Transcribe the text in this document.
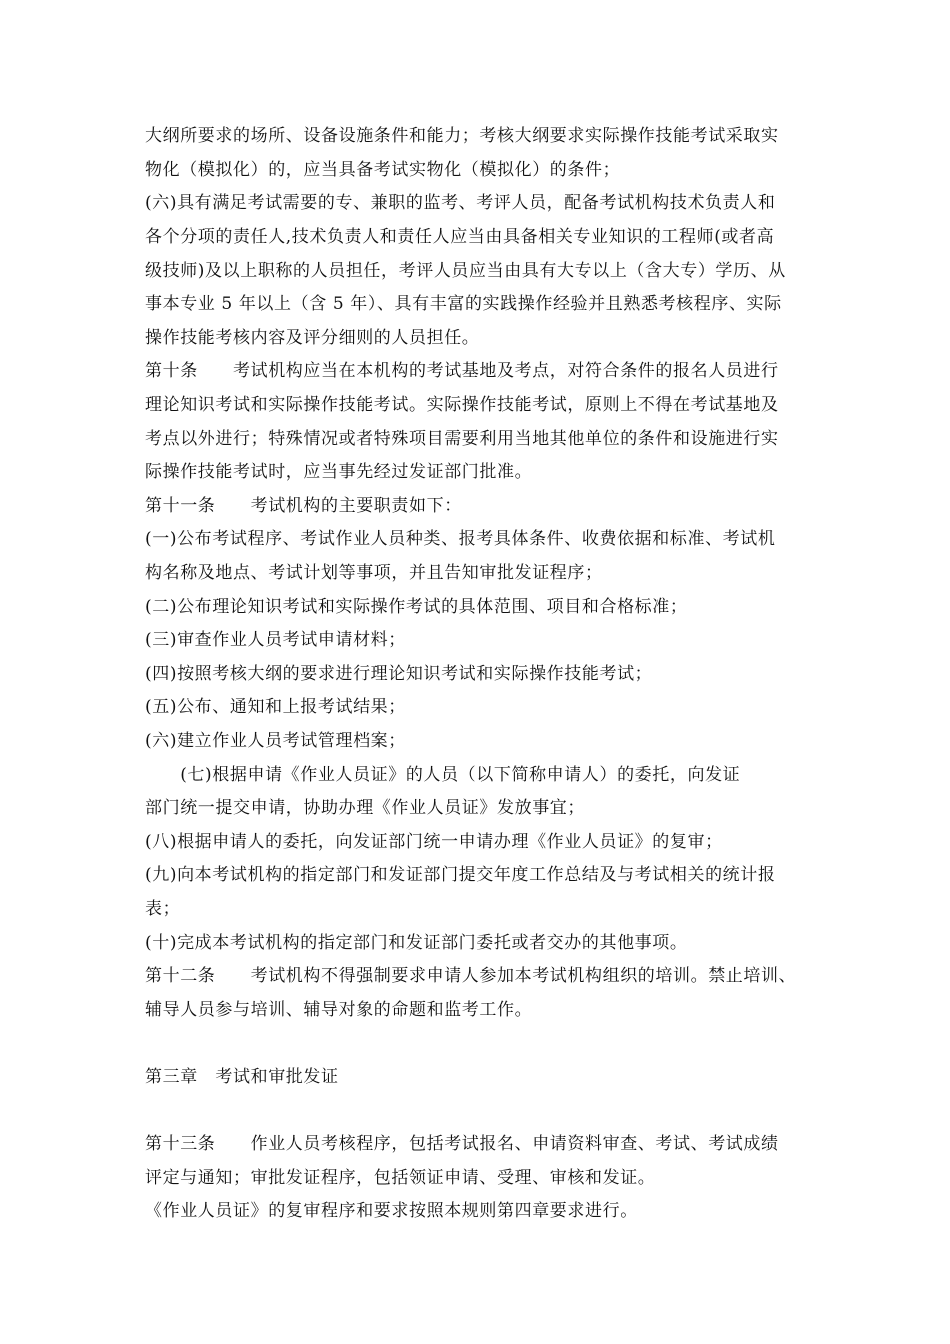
大纲所要求的场所、设备设施条件和能力；考核大纲要求实际操作技能考试采取实
物化（模拟化）的，应当具备考试实物化（模拟化）的条件；
(六)具有满足考试需要的专、兼职的监考、考评人员，配备考试机构技术负责人和
各个分项的责任人,技术负责人和责任人应当由具备相关专业知识的工程师(或者高
级技师)及以上职称的人员担任，考评人员应当由具有大专以上（含大专）学历、从
事本专业 5 年以上（含 5 年）、具有丰富的实践操作经验并且熟悉考核程序、实际
操作技能考核内容及评分细则的人员担任。
第十条　　考试机构应当在本机构的考试基地及考点，对符合条件的报名人员进行
理论知识考试和实际操作技能考试。实际操作技能考试，原则上不得在考试基地及
考点以外进行；特殊情况或者特殊项目需要利用当地其他单位的条件和设施进行实
际操作技能考试时，应当事先经过发证部门批准。
第十一条　　考试机构的主要职责如下：
(一)公布考试程序、考试作业人员种类、报考具体条件、收费依据和标准、考试机
构名称及地点、考试计划等事项，并且告知审批发证程序；
(二)公布理论知识考试和实际操作考试的具体范围、项目和合格标准；
(三)审查作业人员考试申请材料；
(四)按照考核大纲的要求进行理论知识考试和实际操作技能考试；
(五)公布、通知和上报考试结果；
(六)建立作业人员考试管理档案；
　　(七)根据申请《作业人员证》的人员（以下简称申请人）的委托，向发证
部门统一提交申请，协助办理《作业人员证》发放事宜；
(八)根据申请人的委托，向发证部门统一申请办理《作业人员证》的复审；
(九)向本考试机构的指定部门和发证部门提交年度工作总结及与考试相关的统计报
表；
(十)完成本考试机构的指定部门和发证部门委托或者交办的其他事项。
第十二条　　考试机构不得强制要求申请人参加本考试机构组织的培训。禁止培训、
辅导人员参与培训、辅导对象的命题和监考工作。
第三章　考试和审批发证
第十三条　　作业人员考核程序，包括考试报名、申请资料审查、考试、考试成绩
评定与通知；审批发证程序，包括领证申请、受理、审核和发证。
《作业人员证》的复审程序和要求按照本规则第四章要求进行。
